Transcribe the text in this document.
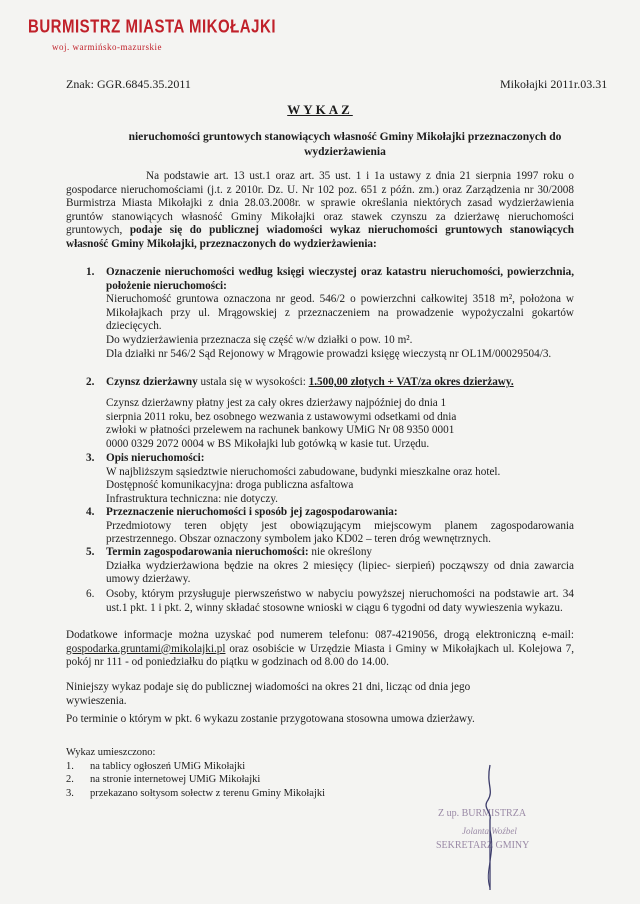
BURMISTRZ MIASTA MIKOŁAJKI
woj. warmińsko-mazurskie
Znak: GGR.6845.35.2011	Mikołajki 2011r.03.31
WYKAZ
nieruchomości gruntowych stanowiących własność Gminy Mikołajki przeznaczonych do wydzierżawienia
Na podstawie art. 13 ust.1 oraz art. 35 ust. 1 i 1a ustawy z dnia 21 sierpnia 1997 roku o gospodarce nieruchomościami (j.t. z 2010r. Dz. U. Nr 102 poz. 651 z późn. zm.) oraz Zarządzenia nr 30/2008 Burmistrza Miasta Mikołajki z dnia 28.03.2008r. w sprawie określania niektórych zasad wydzierżawienia gruntów stanowiących własność Gminy Mikołajki oraz stawek czynszu za dzierżawę nieruchomości gruntowych, podaje się do publicznej wiadomości wykaz nieruchomości gruntowych stanowiących własność Gminy Mikołajki, przeznaczonych do wydzierżawienia:
1. Oznaczenie nieruchomości według księgi wieczystej oraz katastru nieruchomości, powierzchnia, położenie nieruchomości:
Nieruchomość gruntowa oznaczona nr geod. 546/2 o powierzchni całkowitej 3518 m², położona w Mikołajkach przy ul. Mrągowskiej z przeznaczeniem na prowadzenie wypożyczalni gokartów dziecięcych.
Do wydzierżawienia przeznacza się część w/w działki o pow. 10 m².
Dla działki nr 546/2 Sąd Rejonowy w Mrągowie prowadzi księgę wieczystą nr OL1M/00029504/3.
2. Czynsz dzierżawny ustala się w wysokości: 1.500,00 złotych + VAT/za okres dzierżawy.
Czynsz dzierżawny płatny jest za cały okres dzierżawy najpóźniej do dnia 1 sierpnia 2011 roku, bez osobnego wezwania z ustawowymi odsetkami od dnia zwłoki w płatności przelewem na rachunek bankowy UMiG Nr 08 9350 0001 0000 0329 2072 0004 w BS Mikołajki lub gotówką w kasie tut. Urzędu.
3. Opis nieruchomości:
W najbliższym sąsiedztwie nieruchomości zabudowane, budynki mieszkalne oraz hotel.
Dostępność komunikacyjna: droga publiczna asfaltowa
Infrastruktura techniczna: nie dotyczy.
4. Przeznaczenie nieruchomości i sposób jej zagospodarowania:
Przedmiotowy teren objęty jest obowiązującym miejscowym planem zagospodarowania przestrzennego. Obszar oznaczony symbolem jako KD02 – teren dróg wewnętrznych.
5. Termin zagospodarowania nieruchomości: nie określony
Działka wydzierżawiona będzie na okres 2 miesięcy (lipiec- sierpień) począwszy od dnia zawarcia umowy dzierżawy.
6. Osoby, którym przysługuje pierwszeństwo w nabyciu powyższej nieruchomości na podstawie art. 34 ust.1 pkt. 1 i pkt. 2, winny składać stosowne wnioski w ciągu 6 tygodni od daty wywieszenia wykazu.
Dodatkowe informacje można uzyskać pod numerem telefonu: 087-4219056, drogą elektroniczną e-mail: gospodarka.gruntami@mikolajki.pl oraz osobiście w Urzędzie Miasta i Gminy w Mikołajkach ul. Kolejowa 7, pokój nr 111 - od poniedziałku do piątku w godzinach od 8.00 do 14.00.
Niniejszy wykaz podaje się do publicznej wiadomości na okres 21 dni, licząc od dnia jego wywieszenia.
Po terminie o którym w pkt. 6 wykazu zostanie przygotowana stosowna umowa dzierżawy.
Wykaz umieszczono:
1. na tablicy ogłoszeń UMiG Mikołajki
2. na stronie internetowej UMiG Mikołajki
3. przekazano sołtysom sołectw z terenu Gminy Mikołajki
Z up. BURMISTRZA
Jolanta Woźbel
SEKRETARZ GMINY
